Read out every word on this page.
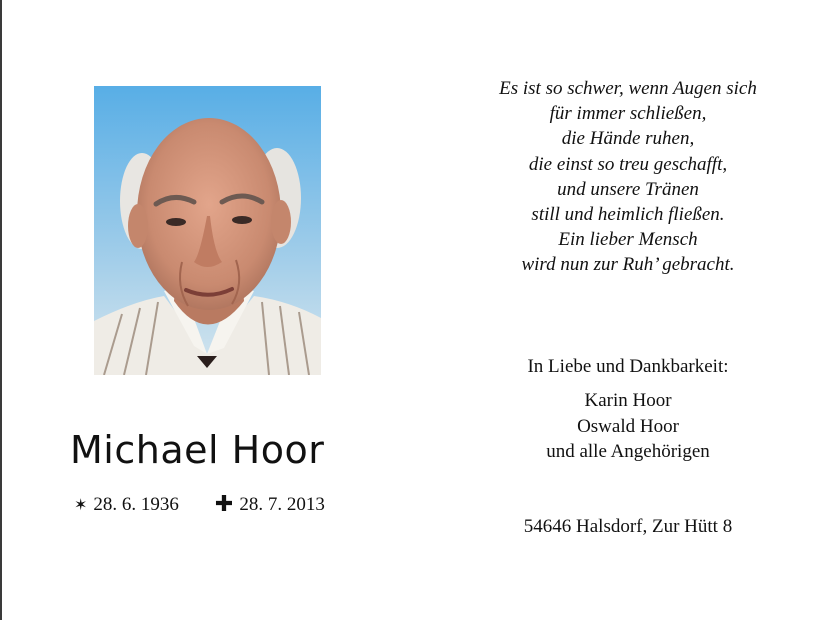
Michael Hoor
✶ 28. 6. 1936 ✚ 28. 7. 2013
Es ist so schwer, wenn Augen sich
für immer schließen,
die Hände ruhen,
die einst so treu geschafft,
und unsere Tränen
still und heimlich fließen.
Ein lieber Mensch
wird nun zur Ruh’ gebracht.
In Liebe und Dankbarkeit:
Karin Hoor
Oswald Hoor
und alle Angehörigen
54646 Halsdorf, Zur Hütt 8
